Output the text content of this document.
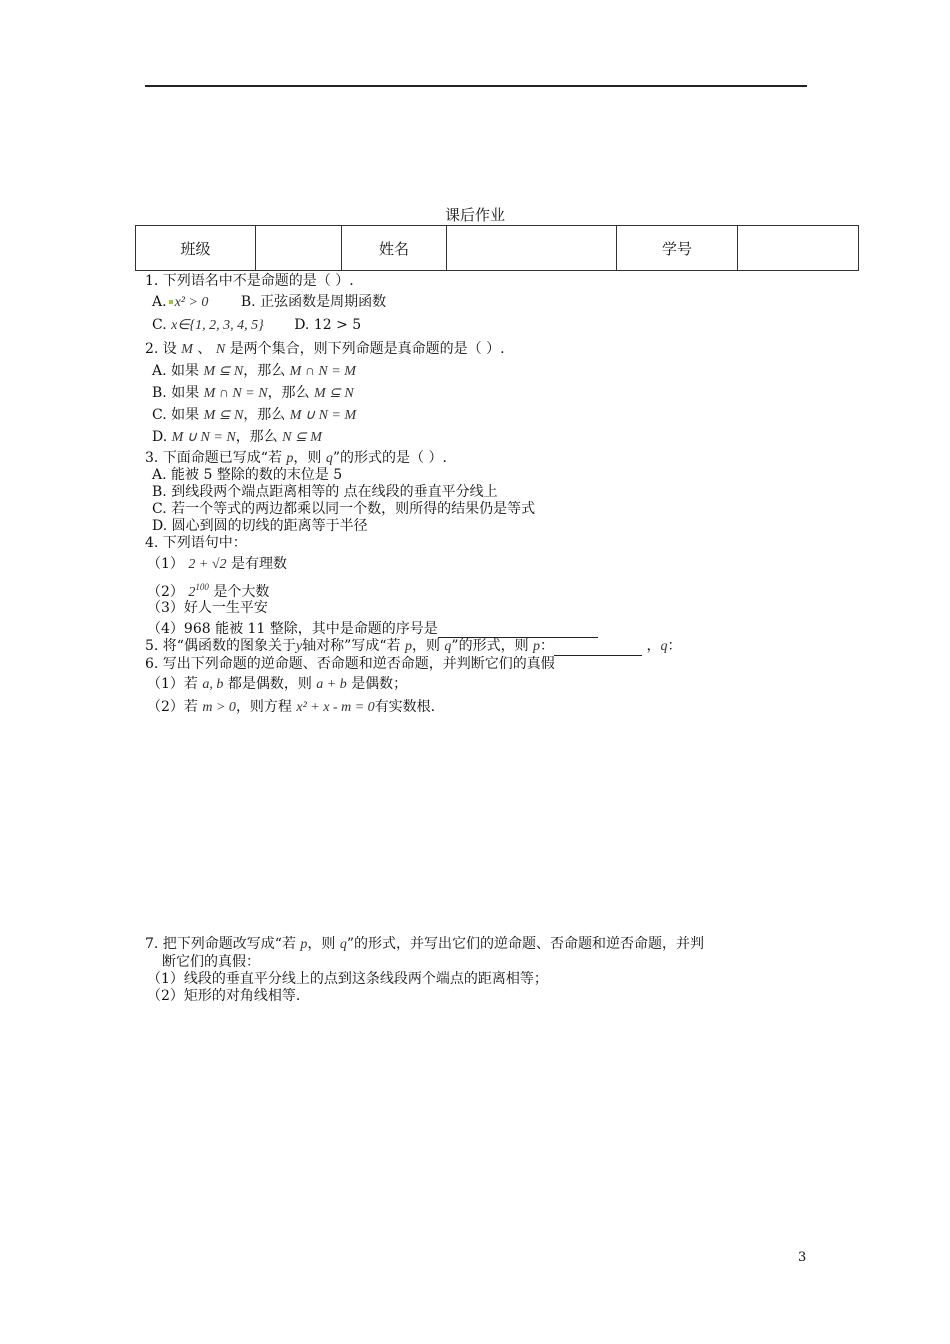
课后作业
班级		姓名		学号	
1. 下列语名中不是命题的是（ ）.
A. x² > 0 B. 正弦函数是周期函数
C. x∈{1, 2, 3, 4, 5} D. 12 > 5
2. 设 M 、 N 是两个集合，则下列命题是真命题的是（ ）.
A. 如果 M ⊆ N，那么 M ∩ N = M
B. 如果 M ∩ N = N，那么 M ⊆ N
C. 如果 M ⊆ N，那么 M ∪ N = M
D. M ∪ N = N，那么 N ⊆ M
3. 下面命题已写成“若 p，则 q”的形式的是（ ）.
A. 能被 5 整除的数的末位是 5
B. 到线段两个端点距离相等的 点在线段的垂直平分线上
C. 若一个等式的两边都乘以同一个数，则所得的结果仍是等式
D. 圆心到圆的切线的距离等于半径
4. 下列语句中：
（1） 2 + √2 是有理数
（2） $2^{100}$ 是个大数
（3）好人一生平安
（4）968 能被 11 整除，其中是命题的序号是
5. 将“偶函数的图象关于y轴对称”写成“若 p，则 q”的形式，则 p：	，q：
6. 写出下列命题的逆命题、否命题和逆否命题，并判断它们的真假
（1）若 a, b 都是偶数，则 a + b 是偶数；
（2）若 m > 0，则方程 x² + x - m = 0有实数根.
7. 把下列命题改写成“若 p，则 q”的形式，并写出它们的逆命题、否命题和逆否命题，并判
断它们的真假：
（1）线段的垂直平分线上的点到这条线段两个端点的距离相等；
（2）矩形的对角线相等.
3
